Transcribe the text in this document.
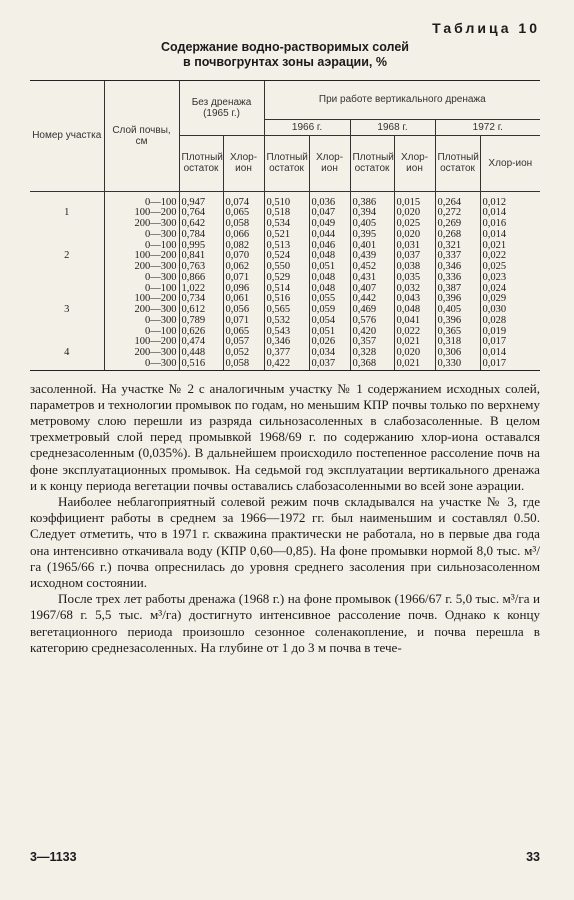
Таблица 10
Содержание водно-растворимых солей
в почвогрунтах зоны аэрации, %
Номер участка	Слой почвы, см	Без дренажа (1965 г.)		При работе вертикального дренажа					
				1966 г.		1968 г.		1972 г.	
		Плотный остаток	Хлор-ион	Плотный остаток	Хлор-ион	Плотный остаток	Хлор-ион	Плотный остаток	Хлор-ион
	0—100	0,947	0,074	0,510	0,036	0,386	0,015	0,264	0,012
1	100—200	0,764	0,065	0,518	0,047	0,394	0,020	0,272	0,014
	200—300	0,642	0,058	0,534	0,049	0,405	0,025	0,269	0,016
	0—300	0,784	0,066	0,521	0,044	0,395	0,020	0,268	0,014
	0—100	0,995	0,082	0,513	0,046	0,401	0,031	0,321	0,021
2	100—200	0,841	0,070	0,524	0,048	0,439	0,037	0,337	0,022
	200—300	0,763	0,062	0,550	0,051	0,452	0,038	0,346	0,025
	0—300	0,866	0,071	0,529	0,048	0,431	0,035	0,336	0,023
	0—100	1,022	0,096	0,514	0,048	0,407	0,032	0,387	0,024
	100—200	0,734	0,061	0,516	0,055	0,442	0,043	0,396	0,029
3	200—300	0,612	0,056	0,565	0,059	0,469	0,048	0,405	0,030
	0—300	0,789	0,071	0,532	0,054	0,576	0,041	0,396	0,028
	0—100	0,626	0,065	0,543	0,051	0,420	0,022	0,365	0,019
	100—200	0,474	0,057	0,346	0,026	0,357	0,021	0,318	0,017
4	200—300	0,448	0,052	0,377	0,034	0,328	0,020	0,306	0,014
	0—300	0,516	0,058	0,422	0,037	0,368	0,021	0,330	0,017

засоленной. На участке № 2 с аналогичным участку № 1 содержанием исходных солей, параметров и технологии промывок по годам, но меньшим КПР почвы только по верхнему метровому слою перешли из разряда сильнозасоленных в слабозасоленные. В целом трехметровый слой перед промывкой 1968/69 г. по содержанию хлор-иона оставался среднезасоленным (0,035%). В дальнейшем происходило постепенное рассоление почв на фоне эксплуатационных промывок. На седьмой год эксплуатации вертикального дренажа и к концу периода вегетации почвы оставались слабозасоленными во всей зоне аэрации.

Наиболее неблагоприятный солевой режим почв складывался на участке № 3, где коэффициент работы в среднем за 1966—1972 гг. был наименьшим и составлял 0.50. Следует отметить, что в 1971 г. скважина практически не работала, но в первые два года она интенсивно откачивала воду (КПР 0,60—0,85). На фоне промывки нормой 8,0 тыс. м³/га (1965/66 г.) почва опреснилась до уровня среднего засоления при сильнозасоленном исходном состоянии.

После трех лет работы дренажа (1968 г.) на фоне промывок (1966/67 г. 5,0 тыс. м³/га и 1967/68 г. 5,5 тыс. м³/га) достигнуто интенсивное рассоление почв. Однако к концу вегетационного периода произошло сезонное соленакопление, и почва перешла в категорию среднезасоленных. На глубине от 1 до 3 м почва в тече-

3—1133	33
